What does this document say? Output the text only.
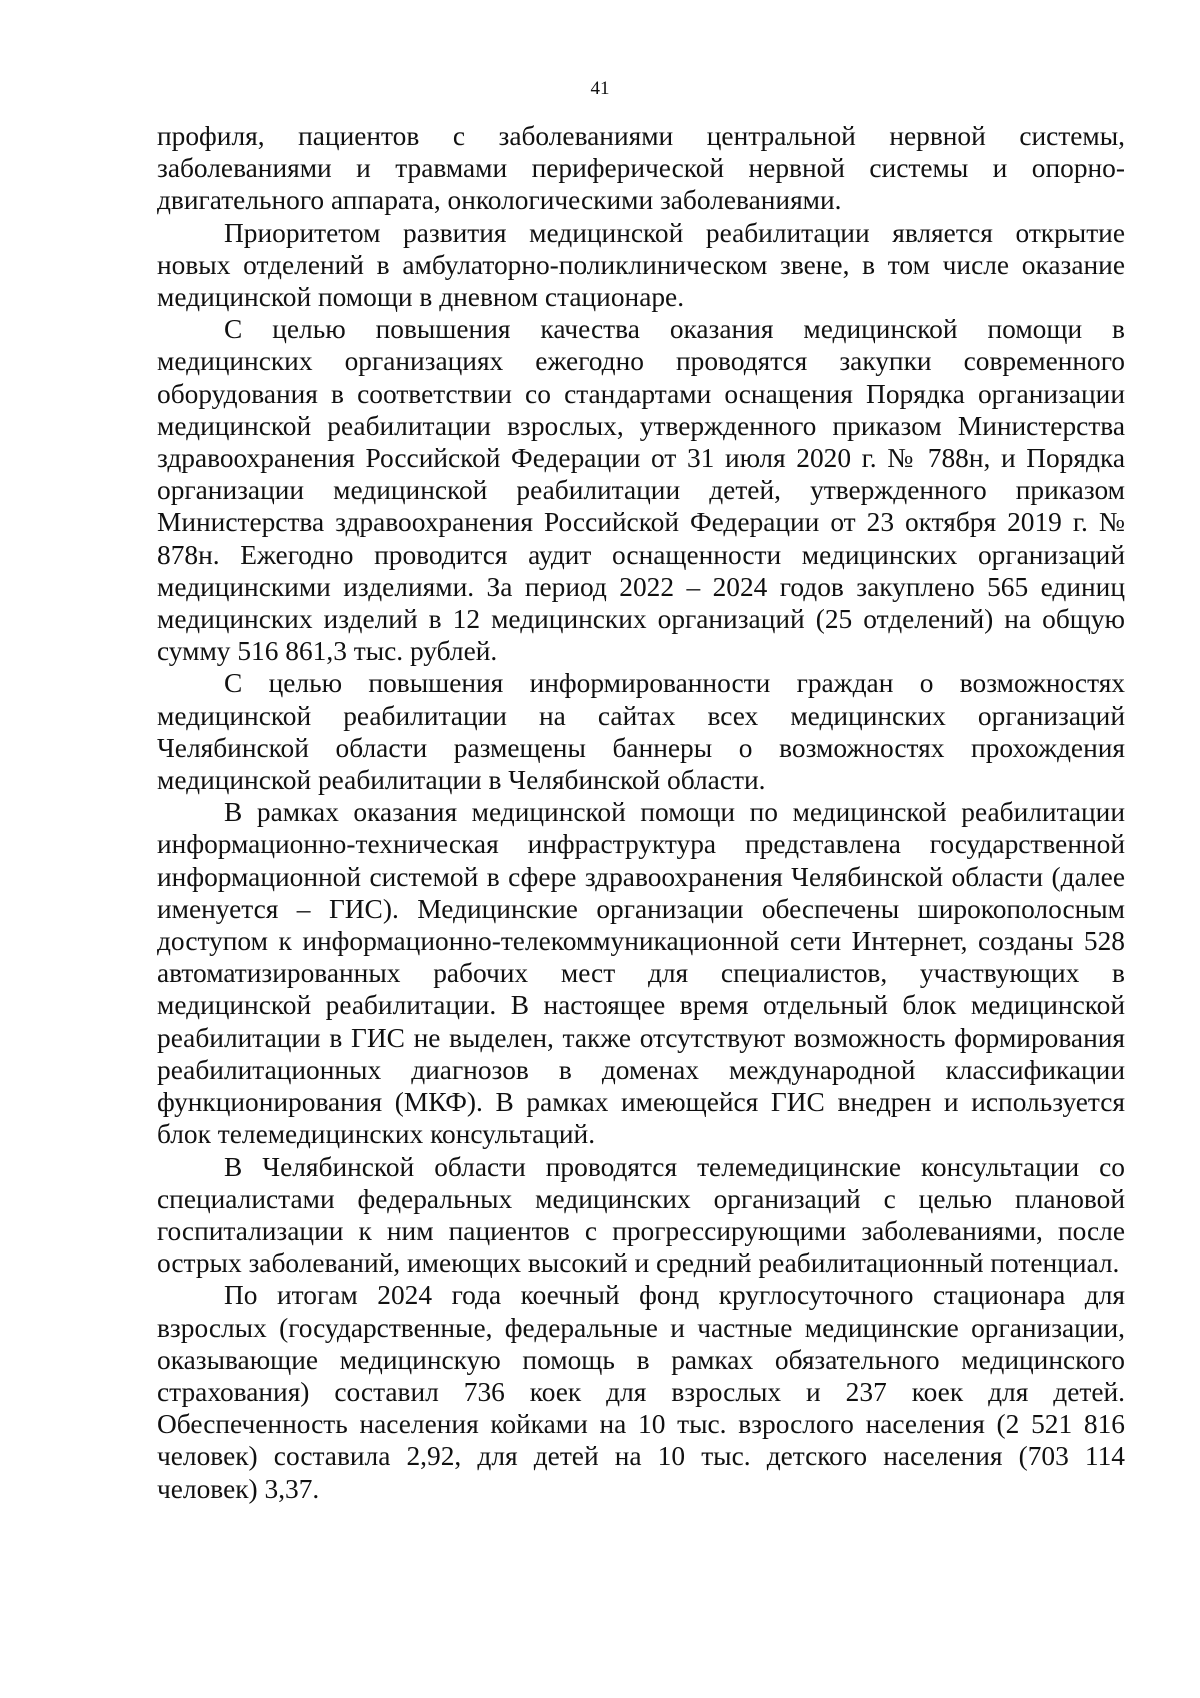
41

профиля, пациентов с заболеваниями центральной нервной системы, заболеваниями и травмами периферической нервной системы и опорно-двигательного аппарата, онкологическими заболеваниями.

Приоритетом развития медицинской реабилитации является открытие новых отделений в амбулаторно-поликлиническом звене, в том числе оказание медицинской помощи в дневном стационаре.

С целью повышения качества оказания медицинской помощи в медицинских организациях ежегодно проводятся закупки современного оборудования в соответствии со стандартами оснащения Порядка организации медицинской реабилитации взрослых, утвержденного приказом Министерства здравоохранения Российской Федерации от 31 июля 2020 г. № 788н, и Порядка организации медицинской реабилитации детей, утвержденного приказом Министерства здравоохранения Российской Федерации от 23 октября 2019 г. № 878н. Ежегодно проводится аудит оснащенности медицинских организаций медицинскими изделиями. За период 2022 – 2024 годов закуплено 565 единиц медицинских изделий в 12 медицинских организаций (25 отделений) на общую сумму 516 861,3 тыс. рублей.

С целью повышения информированности граждан о возможностях медицинской реабилитации на сайтах всех медицинских организаций Челябинской области размещены баннеры о возможностях прохождения медицинской реабилитации в Челябинской области.

В рамках оказания медицинской помощи по медицинской реабилитации информационно-техническая инфраструктура представлена государственной информационной системой в сфере здравоохранения Челябинской области (далее именуется – ГИС). Медицинские организации обеспечены широкополосным доступом к информационно-телекоммуникационной сети Интернет, созданы 528 автоматизированных рабочих мест для специалистов, участвующих в медицинской реабилитации. В настоящее время отдельный блок медицинской реабилитации в ГИС не выделен, также отсутствуют возможность формирования реабилитационных диагнозов в доменах международной классификации функционирования (МКФ). В рамках имеющейся ГИС внедрен и используется блок телемедицинских консультаций.

В Челябинской области проводятся телемедицинские консультации со специалистами федеральных медицинских организаций с целью плановой госпитализации к ним пациентов с прогрессирующими заболеваниями, после острых заболеваний, имеющих высокий и средний реабилитационный потенциал.

По итогам 2024 года коечный фонд круглосуточного стационара для взрослых (государственные, федеральные и частные медицинские организации, оказывающие медицинскую помощь в рамках обязательного медицинского страхования) составил 736 коек для взрослых и 237 коек для детей. Обеспеченность населения койками на 10 тыс. взрослого населения (2 521 816 человек) составила 2,92, для детей на 10 тыс. детского населения (703 114 человек) 3,37.
